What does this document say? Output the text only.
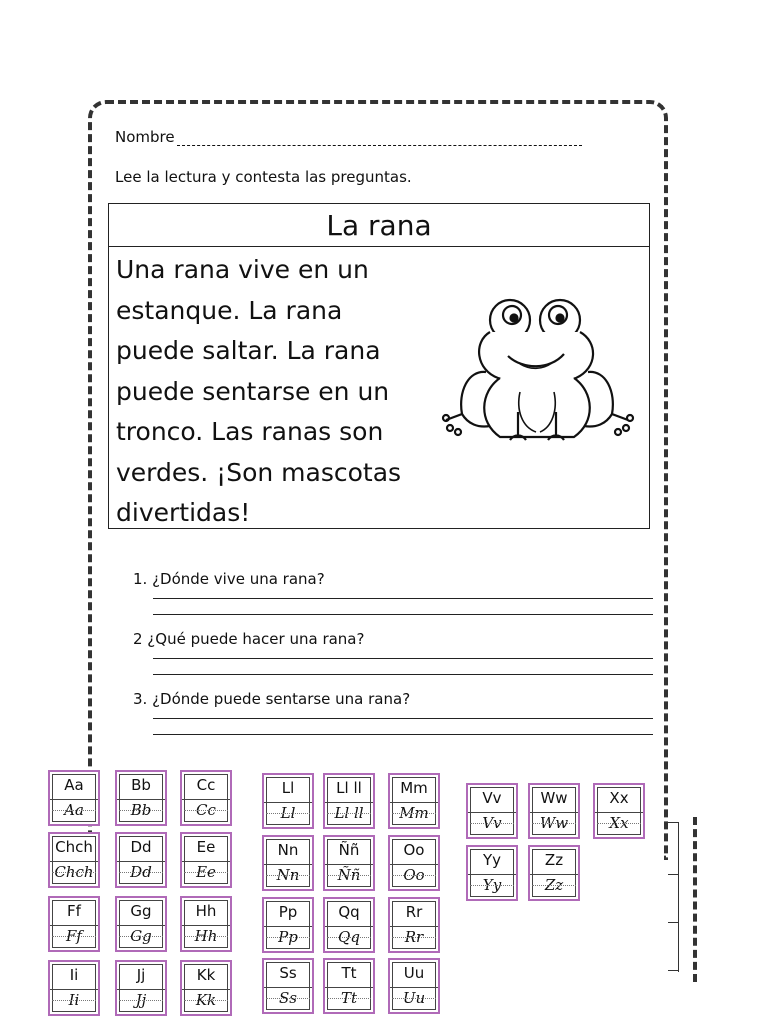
Nombre
Lee la lectura y contesta las preguntas.
La rana
Una rana vive en un
estanque. La rana
puede saltar. La rana
puede sentarse en un
tronco. Las ranas son
verdes. ¡Son mascotas
divertidas!
1. ¿Dónde vive una rana?
2 ¿Qué puede hacer una rana?
3. ¿Dónde puede sentarse una rana?
Aa
Aa
Bb
Bb
Cc
Cc
Chch
Chch
Dd
Dd
Ee
Ee
Ff
Ff
Gg
Gg
Hh
Hh
Ii
Ii
Jj
Jj
Kk
Kk
Ll
Ll
Ll ll
Ll ll
Mm
Mm
Nn
Nn
Ññ
Ññ
Oo
Oo
Pp
Pp
Qq
Qq
Rr
Rr
Ss
Ss
Tt
Tt
Uu
Uu
Vv
Vv
Ww
Ww
Xx
Xx
Yy
Yy
Zz
Zz
